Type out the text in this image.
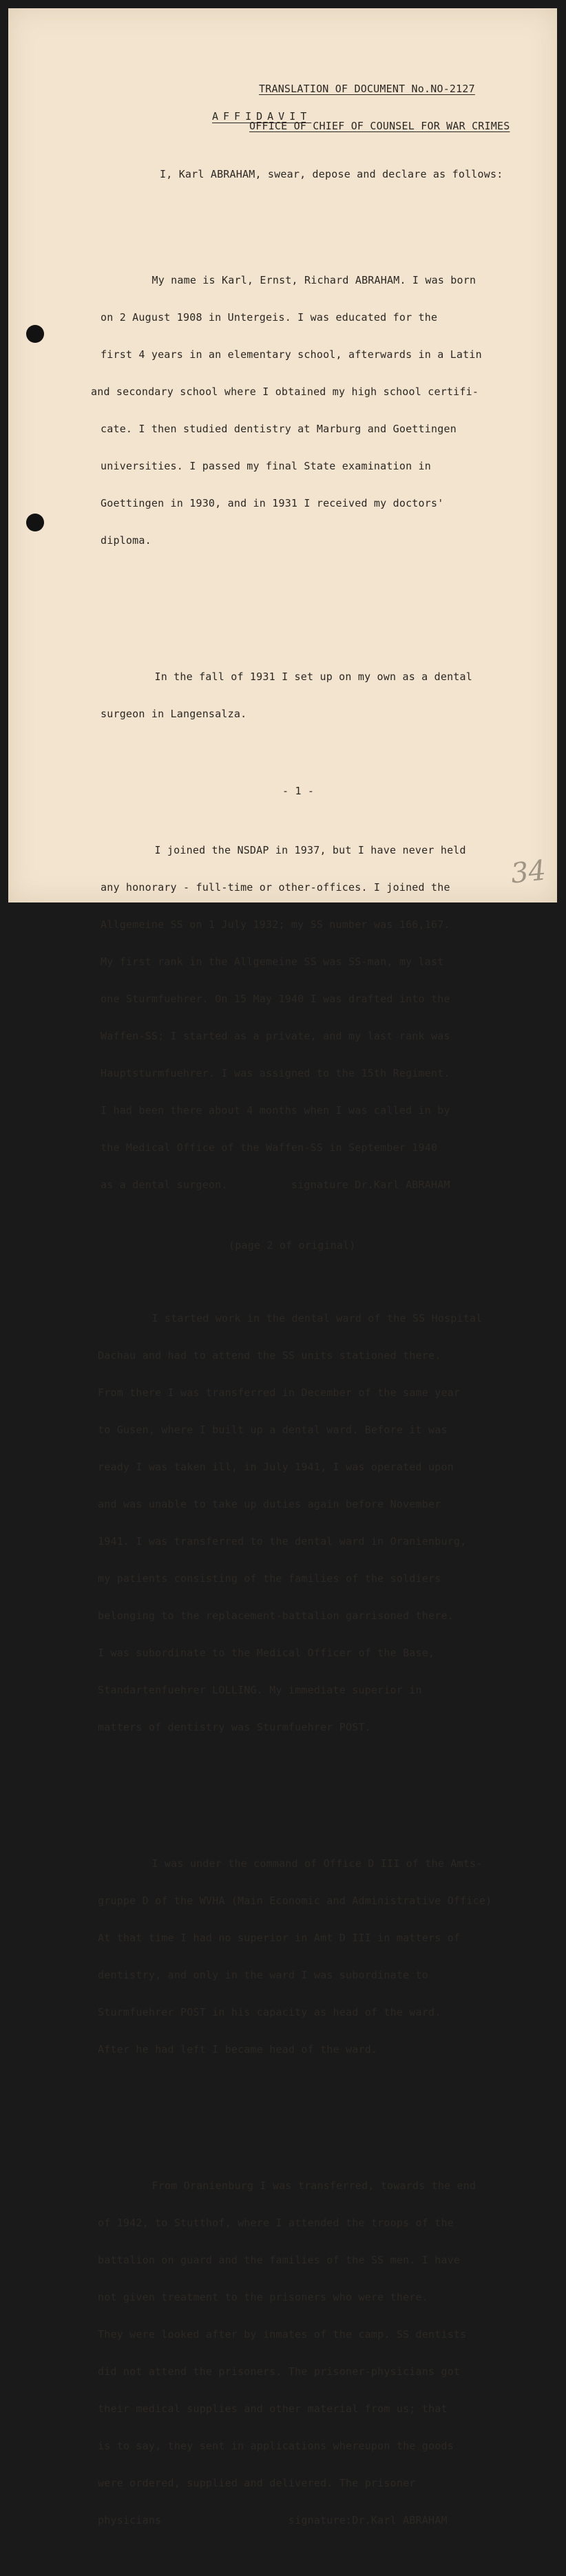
TRANSLATION OF DOCUMENT No.NO-2127

OFFICE OF CHIEF OF COUNSEL FOR WAR CRIMES

AFFIDAVIT

I, Karl ABRAHAM, swear, depose and declare as follows:

My name is Karl, Ernst, Richard ABRAHAM. I was born

on 2 August 1908 in Untergeis. I was educated for the

first 4 years in an elementary school, afterwards in a Latin

and secondary school where I obtained my high school certifi-

cate. I then studied dentistry at Marburg and Goettingen

universities. I passed my final State examination in

Goettingen in 1930, and in 1931 I received my doctors'

diploma.

In the fall of 1931 I set up on my own as a dental

surgeon in Langensalza.

I joined the NSDAP in 1937, but I have never held

any honorary - full-time or other-offices. I joined the

Allgemeine SS on 1 July 1932; my SS number was 166,167.

My first rank in the Allgemeine SS was SS-man, my last

one Sturmfuehrer. On 15 May 1940 I was drafted into the

Waffen-SS; I started as a private, and my last rank was

Hauptsturmfuehrer. I was assigned to the 15th Regiment.

I had been there about 4 months when I was called in by

the Medical Office of the Waffen-SS in September 1940

as a dental surgeon.          signature Dr.Karl ABRAHAM

(page 2 of original)

I started work in the dental ward of the SS Hospital

Dachau and had to attend the SS units stationed there.

From there I was transferred in December of the same year

to Gusen, where I built up a dental ward. Before it was

ready I was taken ill, in July 1941, I was operated upon

and was unable to take up duties again before November

1941. I was transferred to the dental ward in Oranienburg,

my patients consisting of the families of the soldiers

belonging to the replacement-battalion garrisoned there.

I was subordinate to the Medical Officer of the Base,

Standartenfuehrer LOLLING. My immediate superior in

matters of dentistry was Sturmfuehrer POST.

I was under the command of Office D III of the Amts-

gruppe D of the WVHA (Main Economic and Administrative Office)

At that time I had no superior in Amt D III in matters of

dentistry, and only in the ward I was subordinate to

Sturmfuehrer POST in his capacity as head of the ward.

After he had left I became head of the ward.

From Oranienburg I was transferred, towards the end

of 1942, to Stutthof, where I attended the troops of the

battalion on guard and the families of the SS men. I have

not given treatment to the prisoners who were there.

They were looked after by inmates of the camp. SS dentists

did not attend the prisoners. The prisoner-physicians got

their medical supplies and other material from us; that

is to say, they sent in applications whereupon the goods

were ordered, supplied and delivered. The prisoner

physicians                    signature:Dr.Karl ABRAHAM

- 1 -
34
